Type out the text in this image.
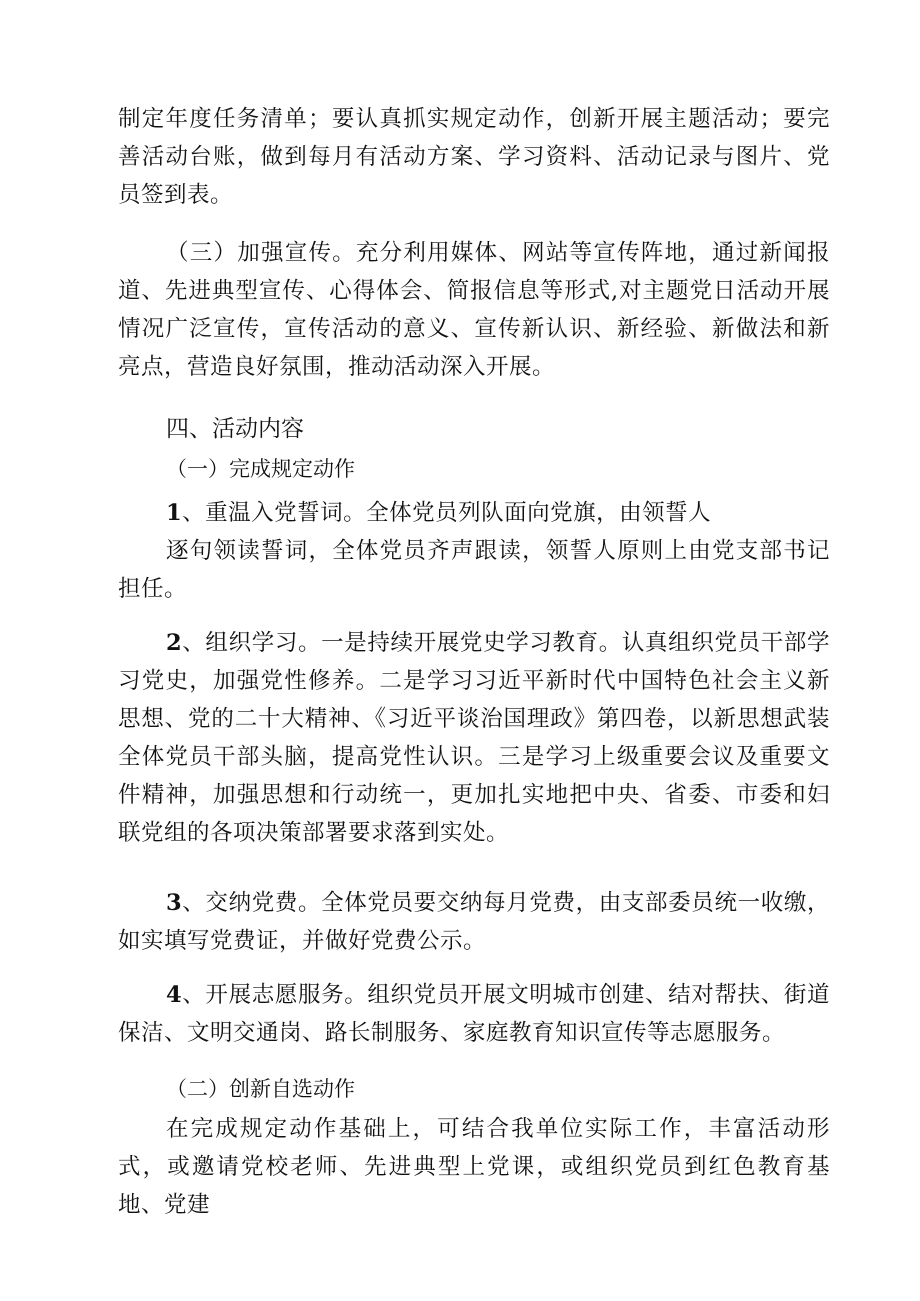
制定年度任务清单；要认真抓实规定动作，创新开展主题活动；要完善活动台账，做到每月有活动方案、学习资料、活动记录与图片、党员签到表。

（三）加强宣传。充分利用媒体、网站等宣传阵地，通过新闻报道、先进典型宣传、心得体会、简报信息等形式,对主题党日活动开展情况广泛宣传，宣传活动的意义、宣传新认识、新经验、新做法和新亮点，营造良好氛围，推动活动深入开展。

四、活动内容
（一）完成规定动作
1、重温入党誓词。全体党员列队面向党旗，由领誓人
逐句领读誓词，全体党员齐声跟读，领誓人原则上由党支部书记担任。

2、组织学习。一是持续开展党史学习教育。认真组织党员干部学习党史，加强党性修养。二是学习习近平新时代中国特色社会主义新思想、党的二十大精神、《习近平谈治国理政》第四卷，以新思想武装全体党员干部头脑，提高党性认识。三是学习上级重要会议及重要文件精神，加强思想和行动统一，更加扎实地把中央、省委、市委和妇联党组的各项决策部署要求落到实处。

3、交纳党费。全体党员要交纳每月党费，由支部委员统一收缴，如实填写党费证，并做好党费公示。

4、开展志愿服务。组织党员开展文明城市创建、结对帮扶、街道保洁、文明交通岗、路长制服务、家庭教育知识宣传等志愿服务。

（二）创新自选动作

在完成规定动作基础上，可结合我单位实际工作，丰富活动形式，或邀请党校老师、先进典型上党课，或组织党员到红色教育基地、党建
